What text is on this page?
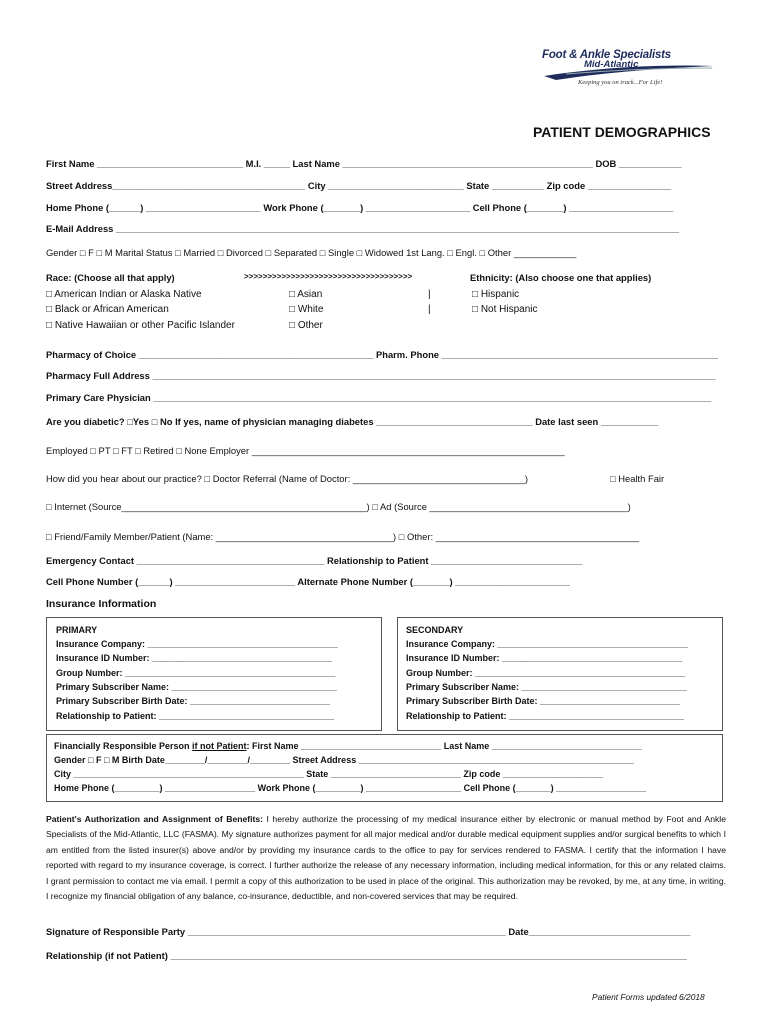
Foot & Ankle Specialists
Mid-Atlantic
Keeping you on track...For Life!
PATIENT DEMOGRAPHICS
First Name ____________________________ M.I. _____ Last Name ________________________________________________ DOB ____________
Street Address_____________________________________ City __________________________ State __________ Zip code ________________
Home Phone (______) ______________________ Work Phone (_______) ____________________ Cell Phone (_______) ____________________
E-Mail Address ____________________________________________________________________________________________________________
Gender □ F □ M Marital Status □ Married □ Divorced □ Separated □ Single □ Widowed 1st Lang. □ Engl. □ Other ____________
Race: (Choose all that apply)	>>>>>>>>>>>>>>>>>>>>>>>>>>>>>>>>>>>>	Ethnicity: (Also choose one that applies)
□ American Indian or Alaska Native	□ Asian	|	□ Hispanic
□ Black or African American	□ White	|	□ Not Hispanic
□ Native Hawaiian or other Pacific Islander	□ Other
Pharmacy of Choice _____________________________________________ Pharm. Phone _____________________________________________________
Pharmacy Full Address ____________________________________________________________________________________________________________
Primary Care Physician ___________________________________________________________________________________________________________
Are you diabetic? □Yes □ No If yes, name of physician managing diabetes ______________________________ Date last seen ___________
Employed □ PT □ FT □ Retired □ None Employer ____________________________________________________________
How did you hear about our practice? □ Doctor Referral (Name of Doctor: _________________________________)	□ Health Fair
□ Internet (Source_______________________________________________) □ Ad (Source ______________________________________)
□ Friend/Family Member/Patient (Name: __________________________________) □ Other: _______________________________________
Emergency Contact ____________________________________ Relationship to Patient _____________________________
Cell Phone Number (______) _______________________ Alternate Phone Number (_______) ______________________
Insurance Information
PRIMARY
Insurance Company: ______________________________________
Insurance ID Number: ____________________________________
Group Number: __________________________________________
Primary Subscriber Name: _________________________________
Primary Subscriber Birth Date: ____________________________
Relationship to Patient: ___________________________________
SECONDARY
Insurance Company: ______________________________________
Insurance ID Number: ____________________________________
Group Number: __________________________________________
Primary Subscriber Name: _________________________________
Primary Subscriber Birth Date: ____________________________
Relationship to Patient: ___________________________________
Financially Responsible Person if not Patient: First Name ____________________________ Last Name ______________________________
Gender □ F □ M Birth Date________/________/________ Street Address _______________________________________________________
City ______________________________________________ State __________________________ Zip code ____________________
Home Phone (_________) __________________ Work Phone (_________) ___________________ Cell Phone (_______) __________________
Patient's Authorization and Assignment of Benefits: I hereby authorize the processing of my medical insurance either by electronic or manual method by Foot and Ankle Specialists of the Mid-Atlantic, LLC (FASMA). My signature authorizes payment for all major medical and/or durable medical equipment supplies and/or surgical benefits to which I am entitled from the listed insurer(s) above and/or by providing my insurance cards to the office to pay for services rendered to FASMA. I certify that the information I have reported with regard to my insurance coverage, is correct. I further authorize the release of any necessary information, including medical information, for this or any related claims. I grant permission to contact me via email. I permit a copy of this authorization to be used in place of the original. This authorization may be revoked, by me, at any time, in writing. I recognize my financial obligation of any balance, co-insurance, deductible, and non-covered services that may be required.
Signature of Responsible Party _____________________________________________________________ Date_______________________________
Relationship (if not Patient) ___________________________________________________________________________________________________
Patient Forms updated 6/2018
